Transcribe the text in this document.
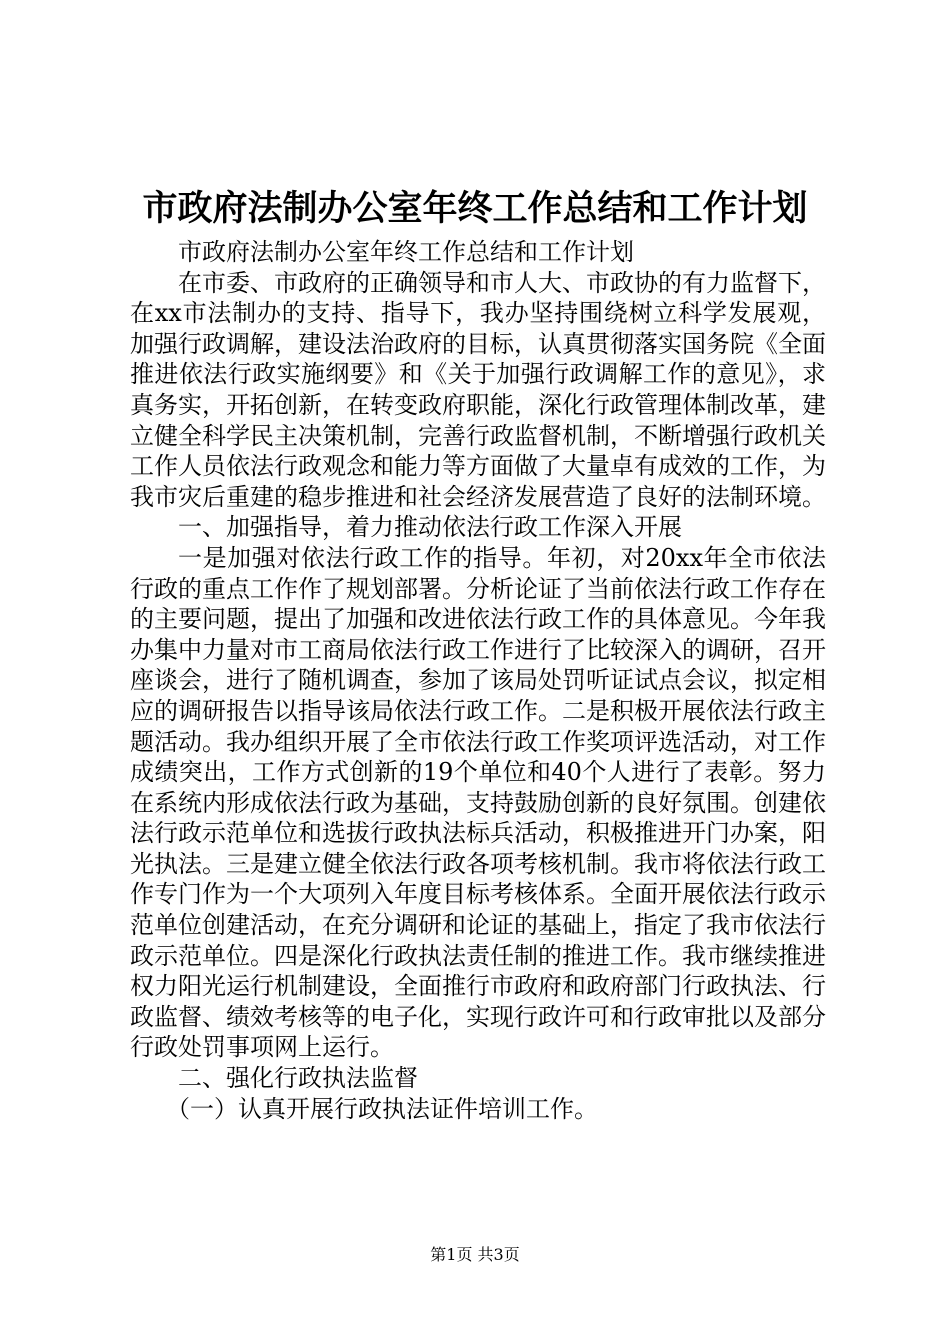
市政府法制办公室年终工作总结和工作计划

市政府法制办公室年终工作总结和工作计划

在市委、市政府的正确领导和市人大、市政协的有力监督下，在xx市法制办的支持、指导下，我办坚持围绕树立科学发展观，加强行政调解，建设法治政府的目标，认真贯彻落实国务院《全面推进依法行政实施纲要》和《关于加强行政调解工作的意见》，求真务实，开拓创新，在转变政府职能，深化行政管理体制改革，建立健全科学民主决策机制，完善行政监督机制，不断增强行政机关工作人员依法行政观念和能力等方面做了大量卓有成效的工作，为我市灾后重建的稳步推进和社会经济发展营造了良好的法制环境。

一、加强指导，着力推动依法行政工作深入开展

一是加强对依法行政工作的指导。年初，对20xx年全市依法行政的重点工作作了规划部署。分析论证了当前依法行政工作存在的主要问题，提出了加强和改进依法行政工作的具体意见。今年我办集中力量对市工商局依法行政工作进行了比较深入的调研，召开座谈会，进行了随机调查，参加了该局处罚听证试点会议，拟定相应的调研报告以指导该局依法行政工作。二是积极开展依法行政主题活动。我办组织开展了全市依法行政工作奖项评选活动，对工作成绩突出，工作方式创新的19个单位和40个人进行了表彰。努力在系统内形成依法行政为基础，支持鼓励创新的良好氛围。创建依法行政示范单位和选拔行政执法标兵活动，积极推进开门办案，阳光执法。三是建立健全依法行政各项考核机制。我市将依法行政工作专门作为一个大项列入年度目标考核体系。全面开展依法行政示范单位创建活动，在充分调研和论证的基础上，指定了我市依法行政示范单位。四是深化行政执法责任制的推进工作。我市继续推进权力阳光运行机制建设，全面推行市政府和政府部门行政执法、行政监督、绩效考核等的电子化，实现行政许可和行政审批以及部分行政处罚事项网上运行。

二、强化行政执法监督

（一）认真开展行政执法证件培训工作。

第1页 共3页
